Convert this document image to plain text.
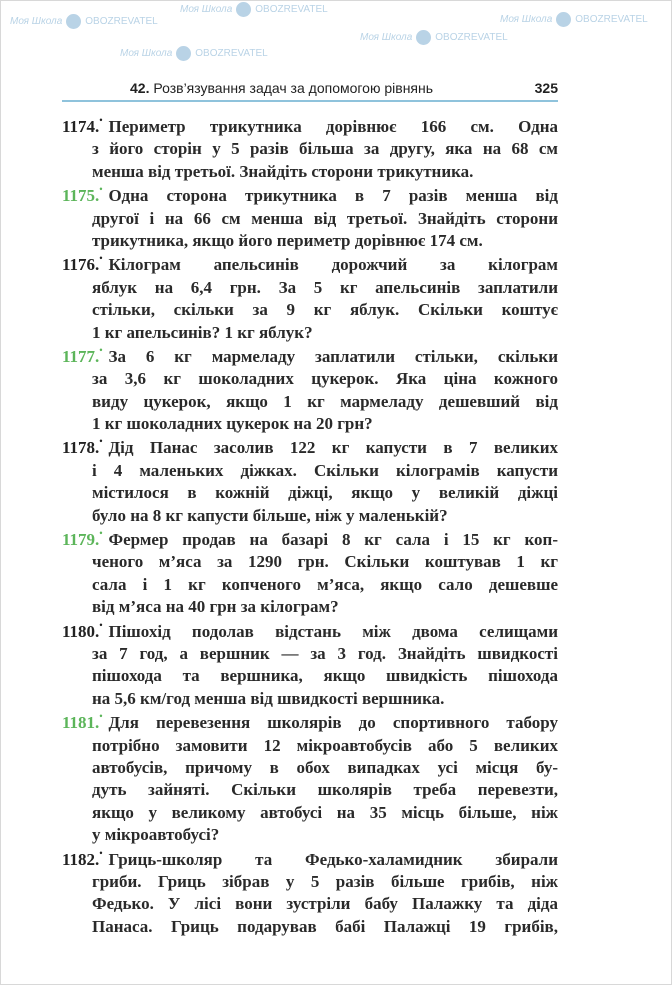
Моя Школа OBOZREVATEL
Моя Школа OBOZREVATEL
Моя Школа OBOZREVATEL
Моя Школа OBOZREVATEL
Моя Школа OBOZREVATEL
42. Розв’язування задач за допомогою рівнянь	325
1174.• Периметр трикутника дорівнює 166 см. Одна
з його сторін у 5 разів більша за другу, яка на 68 см
менша від третьої. Знайдіть сторони трикутника.
1175.• Одна сторона трикутника в 7 разів менша від
другої і на 66 см менша від третьої. Знайдіть сторони
трикутника, якщо його периметр дорівнює 174 см.
1176.• Кілограм апельсинів дорожчий за кілограм
яблук на 6,4 грн. За 5 кг апельсинів заплатили
стільки, скільки за 9 кг яблук. Скільки коштує
1 кг апельсинів? 1 кг яблук?
1177.• За 6 кг мармеладу заплатили стільки, скільки
за 3,6 кг шоколадних цукерок. Яка ціна кожного
виду цукерок, якщо 1 кг мармеладу дешевший від
1 кг шоколадних цукерок на 20 грн?
1178.• Дід Панас засолив 122 кг капусти в 7 великих
і 4 маленьких діжках. Скільки кілограмів капусти
містилося в кожній діжці, якщо у великій діжці
було на 8 кг капусти більше, ніж у маленькій?
1179.• Фермер продав на базарі 8 кг сала і 15 кг коп-
ченого м’яса за 1290 грн. Скільки коштував 1 кг
сала і 1 кг копченого м’яса, якщо сало дешевше
від м’яса на 40 грн за кілограм?
1180.• Пішохід подолав відстань між двома селищами
за 7 год, а вершник — за 3 год. Знайдіть швидкості
пішохода та вершника, якщо швидкість пішохода
на 5,6 км/год менша від швидкості вершника.
1181.• Для перевезення школярів до спортивного табору
потрібно замовити 12 мікроавтобусів або 5 великих
автобусів, причому в обох випадках усі місця бу-
дуть зайняті. Скільки школярів треба перевезти,
якщо у великому автобусі на 35 місць більше, ніж
у мікроавтобусі?
1182.• Гриць-школяр та Федько-халамидник збирали
гриби. Гриць зібрав у 5 разів більше грибів, ніж
Федько. У лісі вони зустріли бабу Палажку та діда
Панаса. Гриць подарував бабі Палажці 19 грибів,
